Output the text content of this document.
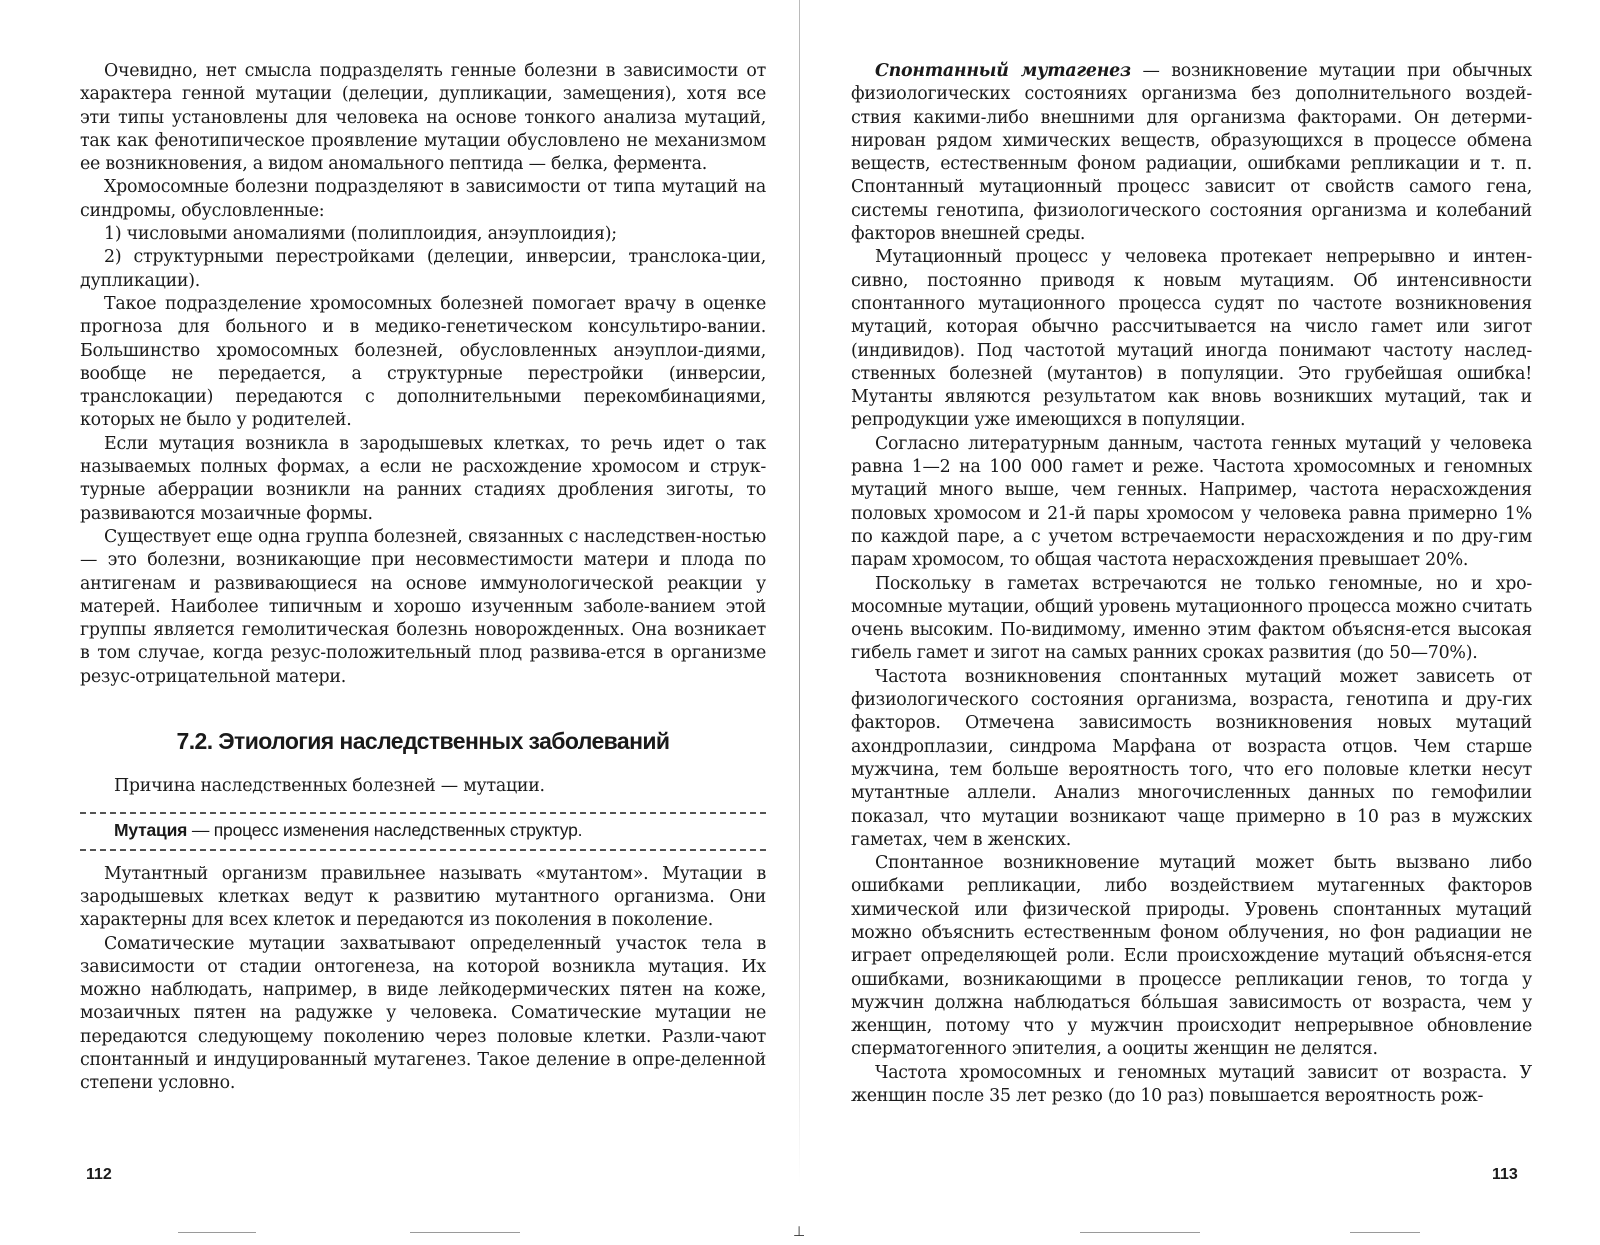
Очевидно, нет смысла подразделять генные болезни в зависимости от характера генной мутации (делеции, дупликации, замещения), хотя все эти типы установлены для человека на основе тонкого анализа мутаций, так как фенотипическое проявление мутации обусловлено не механизмом ее возникновения, а видом аномального пептида — белка, фермента.

Хромосомные болезни подразделяют в зависимости от типа мутаций на синдромы, обусловленные:

1) числовыми аномалиями (полиплоидия, анэуплоидия);

2) структурными перестройками (делеции, инверсии, транслока-ции, дупликации).

Такое подразделение хромосомных болезней помогает врачу в оценке прогноза для больного и в медико-генетическом консультиро-вании. Большинство хромосомных болезней, обусловленных анэуплои-диями, вообще не передается, а структурные перестройки (инверсии, транслокации) передаются с дополнительными перекомбинациями, которых не было у родителей.

Если мутация возникла в зародышевых клетках, то речь идет о так называемых полных формах, а если не расхождение хромосом и струк-турные аберрации возникли на ранних стадиях дробления зиготы, то развиваются мозаичные формы.

Существует еще одна группа болезней, связанных с наследствен-ностью — это болезни, возникающие при несовместимости матери и плода по антигенам и развивающиеся на основе иммунологической реакции у матерей. Наиболее типичным и хорошо изученным заболе-ванием этой группы является гемолитическая болезнь новорожденных. Она возникает в том случае, когда резус-положительный плод развива-ется в организме резус-отрицательной матери.

7.2. Этиология наследственных заболеваний

Причина наследственных болезней — мутации.

Мутация — процесс изменения наследственных структур.

Мутантный организм правильнее называть «мутантом». Мутации в зародышевых клетках ведут к развитию мутантного организма. Они характерны для всех клеток и передаются из поколения в поколение.

Соматические мутации захватывают определенный участок тела в зависимости от стадии онтогенеза, на которой возникла мутация. Их можно наблюдать, например, в виде лейкодермических пятен на коже, мозаичных пятен на радужке у человека. Соматические мутации не передаются следующему поколению через половые клетки. Разли-чают спонтанный и индуцированный мутагенез. Такое деление в опре-деленной степени условно.

112

Спонтанный мутагенез — возникновение мутации при обычных физиологических состояниях организма без дополнительного воздей-ствия какими-либо внешними для организма факторами. Он детерми-нирован рядом химических веществ, образующихся в процессе обмена веществ, естественным фоном радиации, ошибками репликации и т. п. Спонтанный мутационный процесс зависит от свойств самого гена, системы генотипа, физиологического состояния организма и колебаний факторов внешней среды.

Мутационный процесс у человека протекает непрерывно и интен-сивно, постоянно приводя к новым мутациям. Об интенсивности спонтанного мутационного процесса судят по частоте возникновения мутаций, которая обычно рассчитывается на число гамет или зигот (индивидов). Под частотой мутаций иногда понимают частоту наслед-ственных болезней (мутантов) в популяции. Это грубейшая ошибка! Мутанты являются результатом как вновь возникших мутаций, так и репродукции уже имеющихся в популяции.

Согласно литературным данным, частота генных мутаций у человека равна 1—2 на 100 000 гамет и реже. Частота хромосомных и геномных мутаций много выше, чем генных. Например, частота нерасхождения половых хромосом и 21-й пары хромосом у человека равна примерно 1% по каждой паре, а с учетом встречаемости нерасхождения и по дру-гим парам хромосом, то общая частота нерасхождения превышает 20%.

Поскольку в гаметах встречаются не только геномные, но и хро-мосомные мутации, общий уровень мутационного процесса можно считать очень высоким. По-видимому, именно этим фактом объясня-ется высокая гибель гамет и зигот на самых ранних сроках развития (до 50—70%).

Частота возникновения спонтанных мутаций может зависеть от физиологического состояния организма, возраста, генотипа и дру-гих факторов. Отмечена зависимость возникновения новых мутаций ахондроплазии, синдрома Марфана от возраста отцов. Чем старше мужчина, тем больше вероятность того, что его половые клетки несут мутантные аллели. Анализ многочисленных данных по гемофилии показал, что мутации возникают чаще примерно в 10 раз в мужских гаметах, чем в женских.

Спонтанное возникновение мутаций может быть вызвано либо ошибками репликации, либо воздействием мутагенных факторов химической или физической природы. Уровень спонтанных мутаций можно объяснить естественным фоном облучения, но фон радиации не играет определяющей роли. Если происхождение мутаций объясня-ется ошибками, возникающими в процессе репликации генов, то тогда у мужчин должна наблюдаться бо́льшая зависимость от возраста, чем у женщин, потому что у мужчин происходит непрерывное обновление сперматогенного эпителия, а ооциты женщин не делятся.

Частота хромосомных и геномных мутаций зависит от возраста. У женщин после 35 лет резко (до 10 раз) повышается вероятность рож-

113
⊥
